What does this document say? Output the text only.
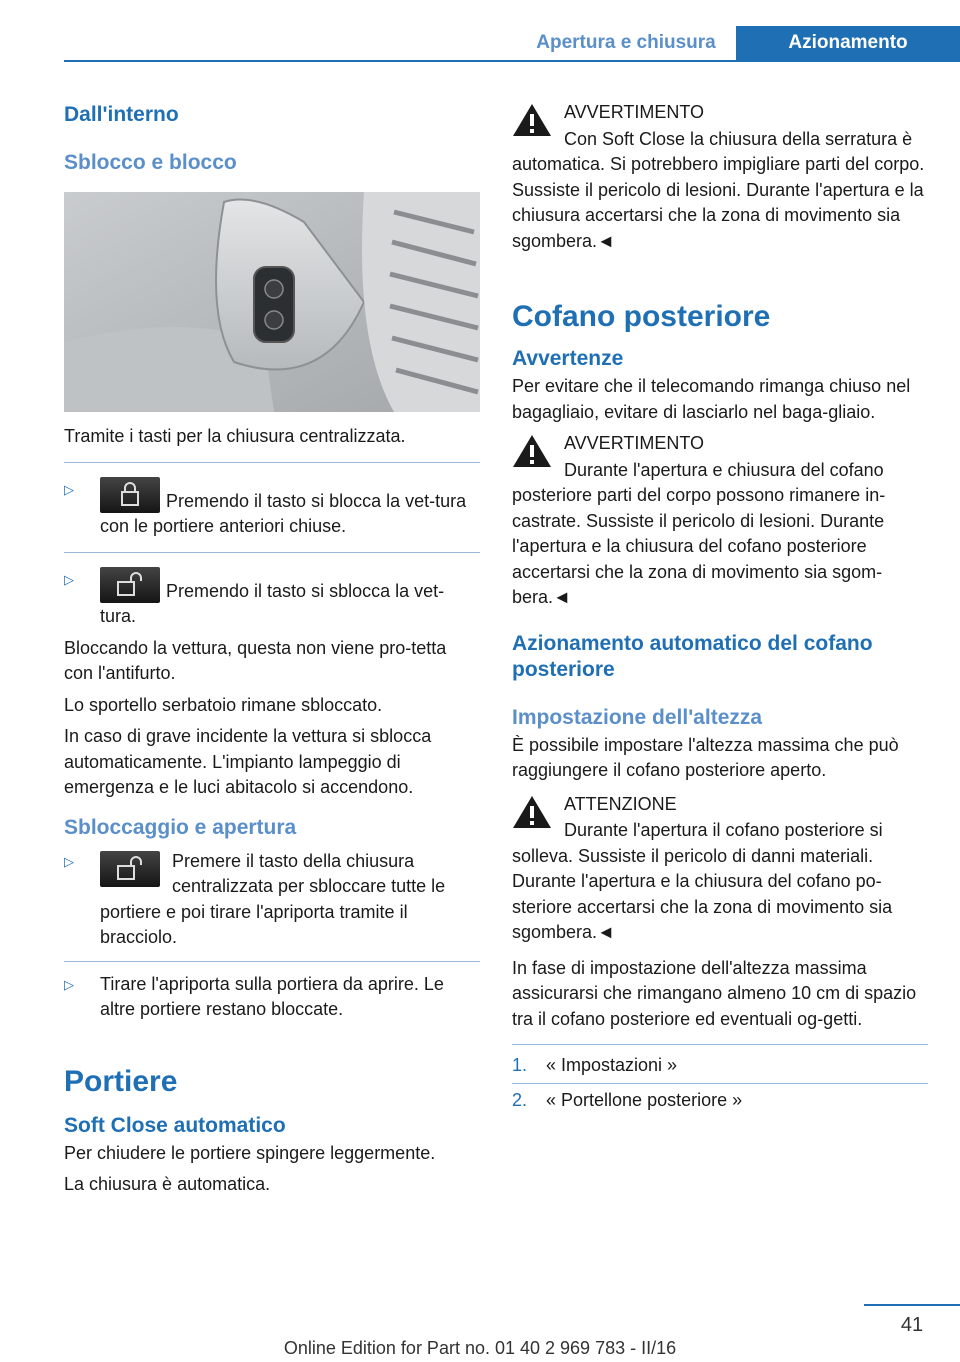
Apertura e chiusura	Azionamento
Dall'interno
Sblocco e blocco

Tramite i tasti per la chiusura centralizzata.

▷
Premendo il tasto si blocca la vet-tura con le portiere anteriori chiuse.
▷
Premendo il tasto si sblocca la vet-tura.

Bloccando la vettura, questa non viene pro-tetta con l'antifurto.

Lo sportello serbatoio rimane sbloccato.

In caso di grave incidente la vettura si sblocca automaticamente. L'impianto lampeggio di emergenza e le luci abitacolo si accendono.

Sbloccaggio e apertura
▷	Premere il tasto della chiusura centralizzata per sbloccare tutte le portiere e poi tirare l'apriporta tramite il bracciolo.
▷ Tirare l'apriporta sulla portiera da aprire. Le altre portiere restano bloccate.
Portiere
Soft Close automatico

Per chiudere le portiere spingere leggermente.

La chiusura è automatica.

AVVERTIMENTO

Con Soft Close la chiusura della serratura è automatica. Si potrebbero impigliare parti del corpo. Sussiste il pericolo di lesioni. Durante l'apertura e la chiusura accertarsi che la zona di movimento sia sgombera.◄

Cofano posteriore
Avvertenze

Per evitare che il telecomando rimanga chiuso nel bagagliaio, evitare di lasciarlo nel baga-gliaio.

AVVERTIMENTO

Durante l'apertura e chiusura del cofano posteriore parti del corpo possono rimanere in-castrate. Sussiste il pericolo di lesioni. Durante l'apertura e la chiusura del cofano posteriore accertarsi che la zona di movimento sia sgom-bera.◄

Azionamento automatico del cofano posteriore
Impostazione dell'altezza

È possibile impostare l'altezza massima che può raggiungere il cofano posteriore aperto.

ATTENZIONE

Durante l'apertura il cofano posteriore si solleva. Sussiste il pericolo di danni materiali. Durante l'apertura e la chiusura del cofano po-steriore accertarsi che la zona di movimento sia sgombera.◄

In fase di impostazione dell'altezza massima assicurarsi che rimangano almeno 10 cm di spazio tra il cofano posteriore ed eventuali og-getti.

1. « Impostazioni »
2. « Portellone posteriore »
41
Online Edition for Part no. 01 40 2 969 783 - II/16
